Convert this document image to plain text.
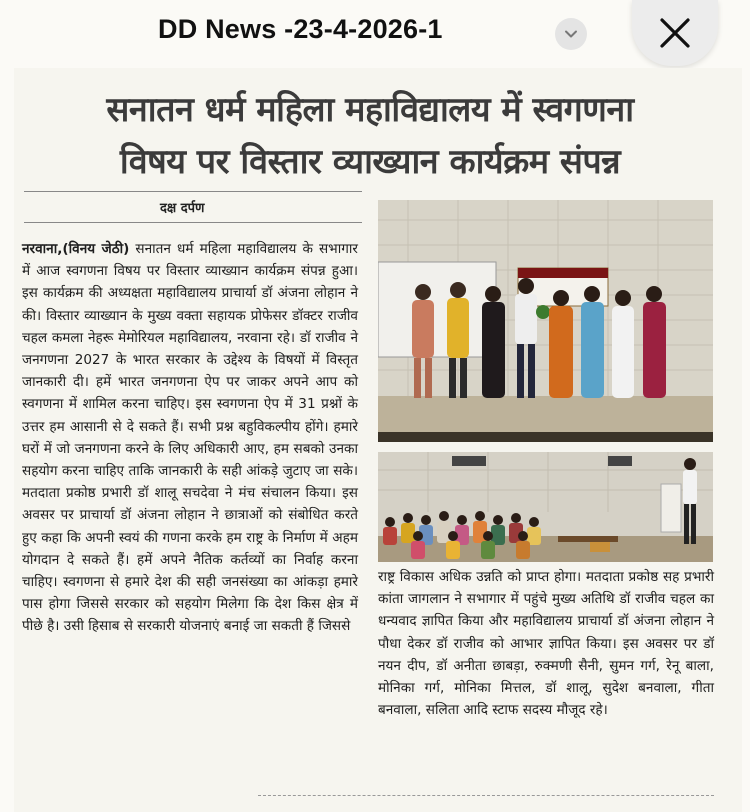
DD News -23-4-2026-1
सनातन धर्म महिला महाविद्यालय में स्वगणना
विषय पर विस्तार व्याख्यान कार्यक्रम संपन्न
दक्ष दर्पण
नरवाना,(विनय जेठी) सनातन धर्म महिला महाविद्यालय के सभागार में आज स्वगणना विषय पर विस्तार व्याख्यान कार्यक्रम संपन्न हुआ। इस कार्यक्रम की अध्यक्षता महाविद्यालय प्राचार्या डॉ अंजना लोहान ने की। विस्तार व्याख्यान के मुख्य वक्ता सहायक प्रोफेसर डॉक्टर राजीव चहल कमला नेहरू मेमोरियल महाविद्यालय, नरवाना रहे। डॉ राजीव ने जनगणना 2027 के भारत सरकार के उद्देश्य के विषयों में विस्तृत जानकारी दी। हमें भारत जनगणना ऐप पर जाकर अपने आप को स्वगणना में शामिल करना चाहिए। इस स्वगणना ऐप में 31 प्रश्नों के उत्तर हम आसानी से दे सकते हैं। सभी प्रश्न बहुविकल्पीय होंगे। हमारे घरों में जो जनगणना करने के लिए अधिकारी आए, हम सबको उनका सहयोग करना चाहिए ताकि जानकारी के सही आंकड़े जुटाए जा सके। मतदाता प्रकोष्ठ प्रभारी डॉ शालू सचदेवा ने मंच संचालन किया। इस अवसर पर प्राचार्या डॉ अंजना लोहान ने छात्राओं को संबोधित करते हुए कहा कि अपनी स्वयं की गणना करके हम राष्ट्र के निर्माण में अहम योगदान दे सकते हैं। हमें अपने नैतिक कर्तव्यों का निर्वाह करना चाहिए। स्वगणना से हमारे देश की सही जनसंख्या का आंकड़ा हमारे पास होगा जिससे सरकार को सहयोग मिलेगा कि देश किस क्षेत्र में पीछे है। उसी हिसाब से सरकारी योजनाएं बनाई जा सकती हैं जिससे
राष्ट्र विकास अधिक उन्नति को प्राप्त होगा। मतदाता प्रकोष्ठ सह प्रभारी कांता जागलान ने सभागार में पहुंचे मुख्य अतिथि डॉ राजीव चहल का धन्यवाद ज्ञापित किया और महाविद्यालय प्राचार्या डॉ अंजना लोहान ने पौधा देकर डॉ राजीव को आभार ज्ञापित किया। इस अवसर पर डॉ नयन दीप, डॉ अनीता छाबड़ा, रुक्मणी सैनी, सुमन गर्ग, रेनू बाला, मोनिका गर्ग, मोनिका मित्तल, डॉ शालू, सुदेश बनवाला, गीता बनवाला, सलिता आदि स्टाफ सदस्य मौजूद रहे।
